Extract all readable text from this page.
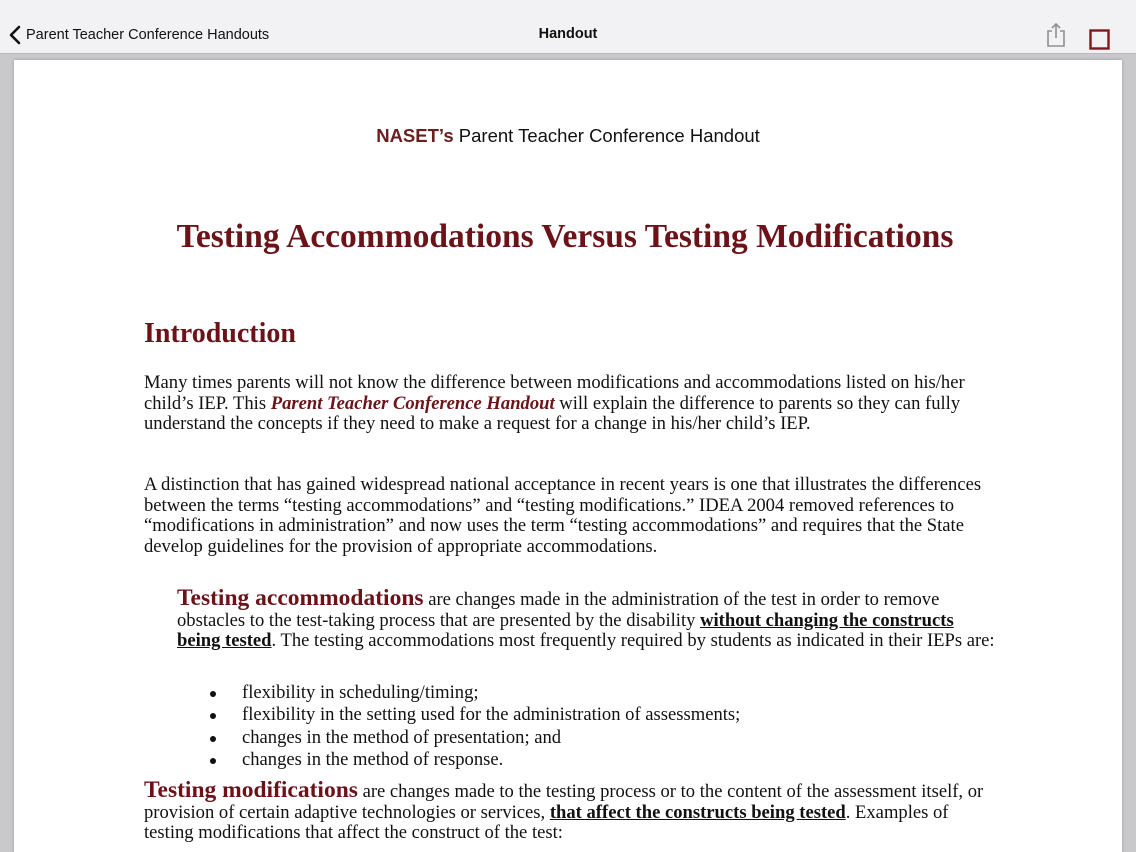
Parent Teacher Conference Handouts	Handout
NASET’s Parent Teacher Conference Handout
Testing Accommodations Versus Testing Modifications
Introduction
Many times parents will not know the difference between modifications and accommodations listed on his/her child’s IEP. This Parent Teacher Conference Handout will explain the difference to parents so they can fully understand the concepts if they need to make a request for a change in his/her child’s IEP.
A distinction that has gained widespread national acceptance in recent years is one that illustrates the differences between the terms “testing accommodations” and “testing modifications.” IDEA 2004 removed references to “modifications in administration” and now uses the term “testing accommodations” and requires that the State develop guidelines for the provision of appropriate accommodations.
Testing accommodations are changes made in the administration of the test in order to remove obstacles to the test-taking process that are presented by the disability without changing the constructs being tested. The testing accommodations most frequently required by students as indicated in their IEPs are:
flexibility in scheduling/timing;
flexibility in the setting used for the administration of assessments;
changes in the method of presentation; and
changes in the method of response.
Testing modifications are changes made to the testing process or to the content of the assessment itself, or provision of certain adaptive technologies or services, that affect the constructs being tested. Examples of testing modifications that affect the construct of the test:
